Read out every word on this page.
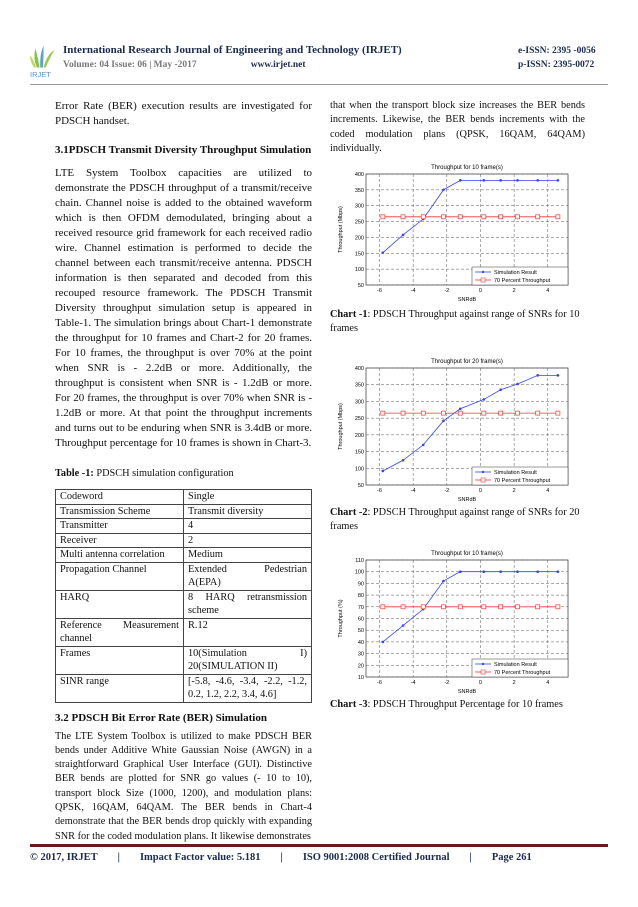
IRJET
International Research Journal of Engineering and Technology (IRJET)	e-ISSN: 2395 -0056
Volume: 04 Issue: 06 | May -2017	www.irjet.net	p-ISSN: 2395-0072

Error Rate (BER) execution results are investigated for PDSCH handset.

3.1PDSCH Transmit Diversity Throughput Simulation

LTE System Toolbox capacities are utilized to demonstrate the PDSCH throughput of a transmit/receive chain. Channel noise is added to the obtained waveform which is then OFDM demodulated, bringing about a received resource grid framework for each received radio wire. Channel estimation is performed to decide the channel between each transmit/receive antenna. PDSCH information is then separated and decoded from this recouped resource framework. The PDSCH Transmit Diversity throughput simulation setup is appeared in Table-1. The simulation brings about Chart-1 demonstrate the throughput for 10 frames and Chart-2 for 20 frames. For 10 frames, the throughput is over 70% at the point when SNR is - 2.2dB or more. Additionally, the throughput is consistent when SNR is - 1.2dB or more. For 20 frames, the throughput is over 70% when SNR is - 1.2dB or more. At that point the throughput increments and turns out to be enduring when SNR is 3.4dB or more. Throughput percentage for 10 frames is shown in Chart-3.

Table -1: PDSCH simulation configuration
Codeword	Single
Transmission Scheme	Transmit diversity
Transmitter	4
Receiver	2
Multi antenna correlation	Medium
Propagation Channel	Extended Pedestrian A(EPA)
HARQ	8 HARQ retransmission scheme
Reference Measurement channel	R.12
Frames	10(Simulation I) 20(SIMULATION II)
SINR range	[-5.8, -4.6, -3.4, -2.2, -1.2, 0.2, 1.2, 2.2, 3.4, 4.6]

3.2 PDSCH Bit Error Rate (BER) Simulation

The LTE System Toolbox is utilized to make PDSCH BER bends under Additive White Gaussian Noise (AWGN) in a straightforward Graphical User Interface (GUI). Distinctive BER bends are plotted for SNR go values (- 10 to 10), transport block Size (1000, 1200), and modulation plans: QPSK, 16QAM, 64QAM. The BER bends in Chart-4 demonstrate that the BER bends drop quickly with expanding SNR for the coded modulation plans. It likewise demonstrates

that when the transport block size increases the BER bends increments. Likewise, the BER bends increments with the coded modulation plans (QPSK, 16QAM, 64QAM) individually.

Throughput for 10 frame(s)
-6	-4	-2	0	2	4
50
100
150
200
250
300
350
400
SNRdB
Throughput (Mbps)
Simulation Result
70 Percent Throughput
Chart -1: PDSCH Throughput against range of SNRs for 10 frames
Throughput for 20 frame(s)
-6	-4	-2	0	2	4
50
100
150
200
250
300
350
400
SNRdB
Throughput (Mbps)
Simulation Result
70 Percent Throughput
Chart -2: PDSCH Throughput against range of SNRs for 20 frames
Throughput for 10 frame(s)
-6	-4	-2	0	2	4
10
20
30
40
50
60
70
80
90
100
110
SNRdB
Throughput (%)
Simulation Result
70 Percent Throughput
Chart -3: PDSCH Throughput Percentage for 10 frames
© 2017, IRJET | Impact Factor value: 5.181 | ISO 9001:2008 Certified Journal | Page 261
